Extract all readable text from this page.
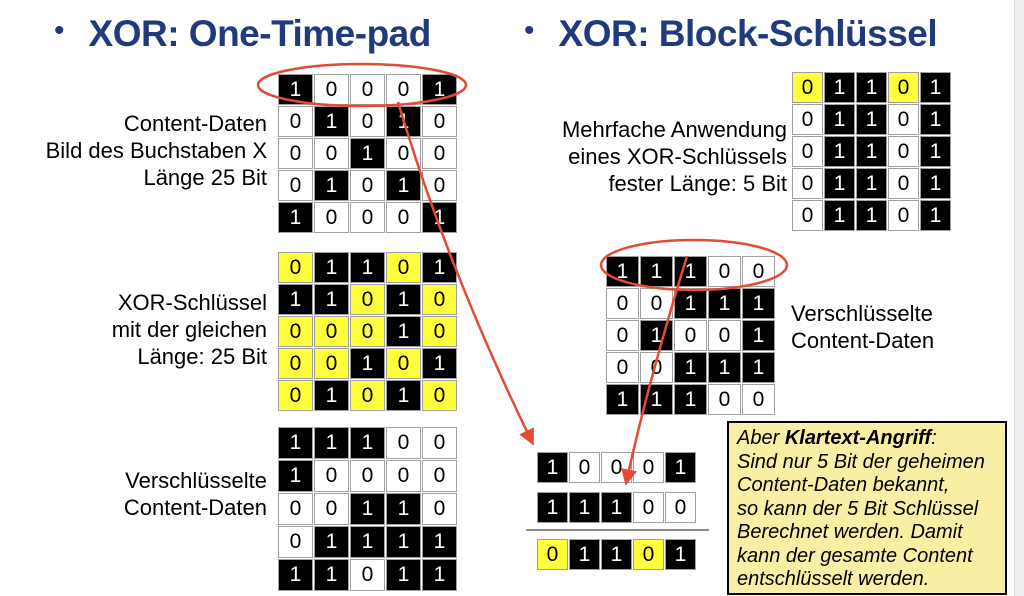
• XOR: One-Time-pad	• XOR: Block-Schlüssel
Content-Daten
Bild des Buchstaben X
Länge 25 Bit
XOR-Schlüssel
mit der gleichen
Länge: 25 Bit
Verschlüsselte
Content-Daten
Mehrfache Anwendung
eines XOR-Schlüssels
fester Länge: 5 Bit
Verschlüsselte
Content-Daten
1	0	0	0	1
0	1	0	1	0
0	0	1	0	0
0	1	0	1	0
1	0	0	0	1
0	1	1	0	1
1	1	0	1	0
0	0	0	1	0
0	0	1	0	1
0	1	0	1	0
1	1	1	0	0
1	0	0	0	0
0	0	1	1	0
0	1	1	1	1
1	1	0	1	1
0 1 1 0 1
0 1 1 0 1
0 1 1 0 1
0 1 1 0 1
0 1 1 0 1
1	1	1	0	0
0	0	1	1	1
0	1	0	0	1
0	0	1	1	1
1	1	1	0	0
1 0 0 0 1
1 1 1 0 0
0 1 1 0 1
Aber Klartext-Angriff:
Sind nur 5 Bit der geheimen
Content-Daten bekannt,
so kann der 5 Bit Schlüssel
Berechnet werden. Damit
kann der gesamte Content
entschlüsselt werden.
